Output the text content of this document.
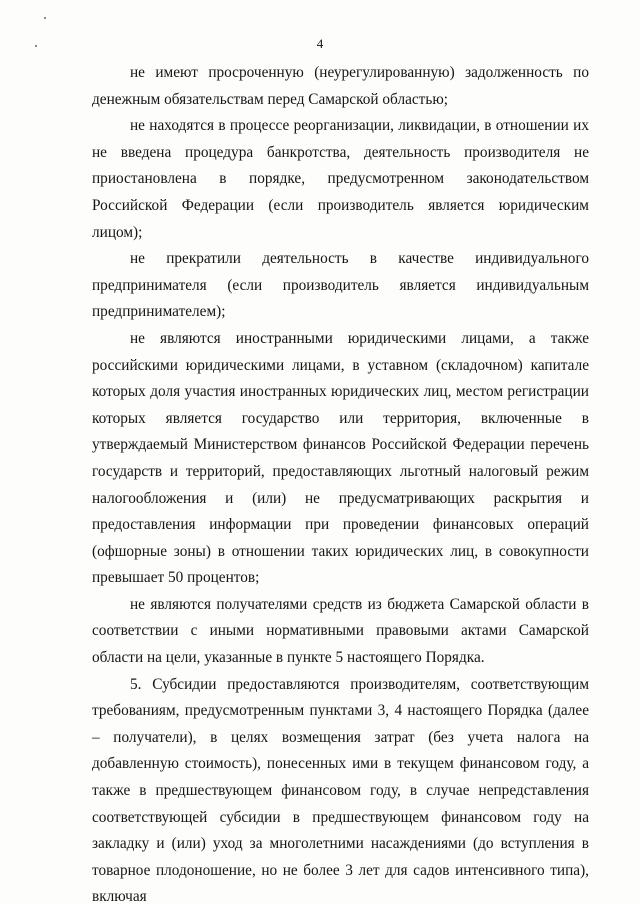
4

не имеют просроченную (неурегулированную) задолженность по денежным обязательствам перед Самарской областью;

не находятся в процессе реорганизации, ликвидации, в отношении их не введена процедура банкротства, деятельность производителя не приостановлена в порядке, предусмотренном законодательством Российской Федерации (если производитель является юридическим лицом);

не прекратили деятельность в качестве индивидуального предпринимателя (если производитель является индивидуальным предпринимателем);

не являются иностранными юридическими лицами, а также российскими юридическими лицами, в уставном (складочном) капитале которых доля участия иностранных юридических лиц, местом регистрации которых является государство или территория, включенные в утверждаемый Министерством финансов Российской Федерации перечень государств и территорий, предоставляющих льготный налоговый режим налогообложения и (или) не предусматривающих раскрытия и предоставления информации при проведении финансовых операций (офшорные зоны) в отношении таких юридических лиц, в совокупности превышает 50 процентов;

не являются получателями средств из бюджета Самарской области в соответствии с иными нормативными правовыми актами Самарской области на цели, указанные в пункте 5 настоящего Порядка.

5. Субсидии предоставляются производителям, соответствующим требованиям, предусмотренным пунктами 3, 4 настоящего Порядка (далее – получатели), в целях возмещения затрат (без учета налога на добавленную стоимость), понесенных ими в текущем финансовом году, а также в предшествующем финансовом году, в случае непредставления соответствующей субсидии в предшествующем финансовом году на закладку и (или) уход за многолетними насаждениями (до вступления в товарное плодоношение, но не более 3 лет для садов интенсивного типа), включая
